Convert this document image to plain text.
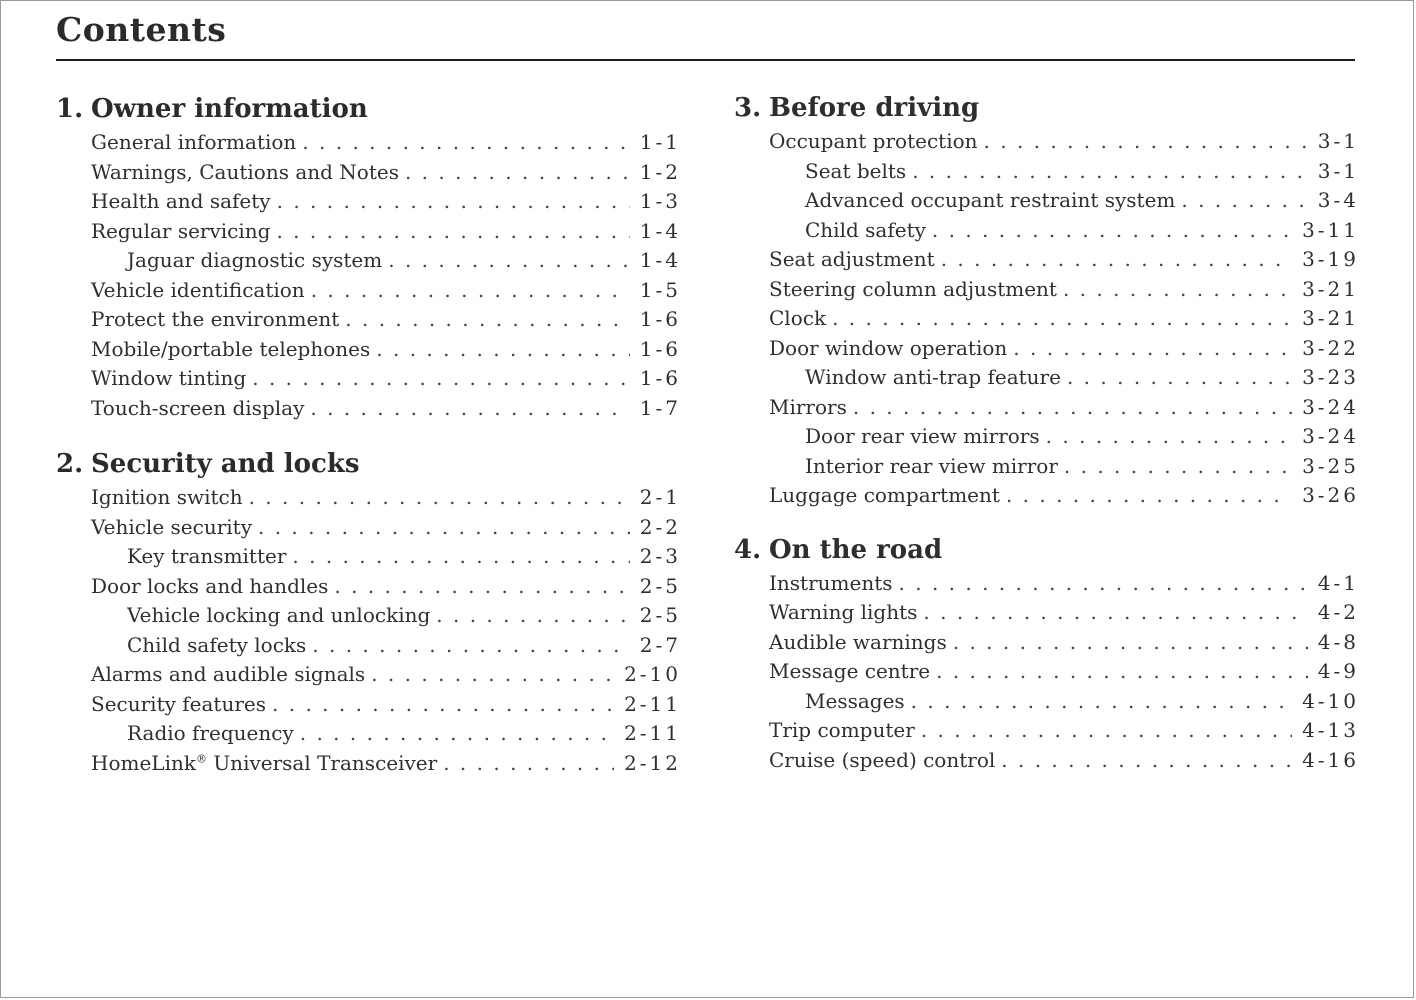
Contents
1. Owner information
General information . . .	1-1
Warnings, Cautions and Notes . . .	1-2
Health and safety . . .	1-3
Regular servicing . . .	1-4
Jaguar diagnostic system . . .	1-4
Vehicle identification . . .	1-5
Protect the environment . . .	1-6
Mobile/portable telephones . . .	1-6
Window tinting . . .	1-6
Touch-screen display . . .	1-7
2. Security and locks
Ignition switch . . .	2-1
Vehicle security . . .	2-2
Key transmitter . . .	2-3
Door locks and handles . . .	2-5
Vehicle locking and unlocking . . .	2-5
Child safety locks . . .	2-7
Alarms and audible signals . . .	2-10
Security features . . .	2-11
Radio frequency . . .	2-11
HomeLink® Universal Transceiver . . .	2-12
3. Before driving
Occupant protection . . .	3-1
Seat belts . . .	3-1
Advanced occupant restraint system . . .	3-4
Child safety . . .	3-11
Seat adjustment . . .	3-19
Steering column adjustment . . .	3-21
Clock . . .	3-21
Door window operation . . .	3-22
Window anti-trap feature . . .	3-23
Mirrors . . .	3-24
Door rear view mirrors . . .	3-24
Interior rear view mirror . . .	3-25
Luggage compartment . . .	3-26
4. On the road
Instruments . . .	4-1
Warning lights . . .	4-2
Audible warnings . . .	4-8
Message centre . . .	4-9
Messages . . .	4-10
Trip computer . . .	4-13
Cruise (speed) control . . .	4-16
